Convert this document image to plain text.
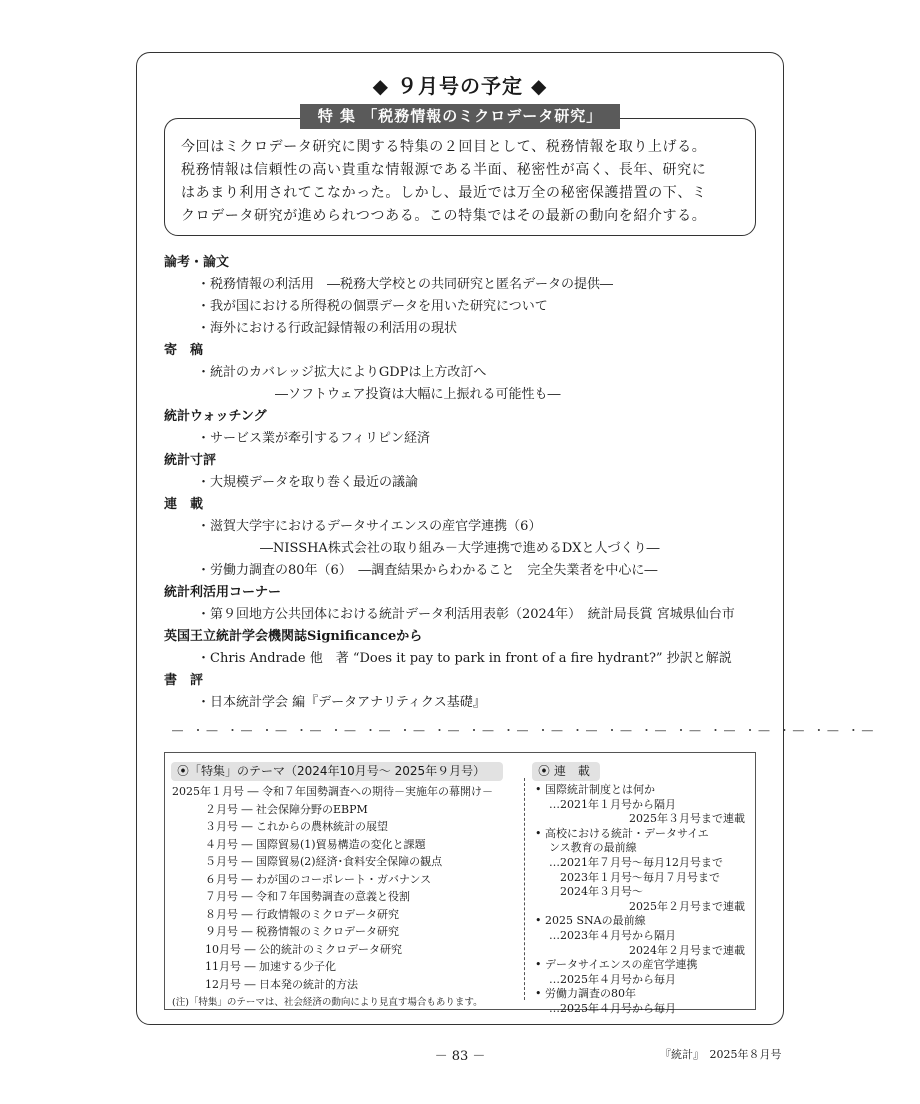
◆ ９月号の予定 ◆
特 集 「税務情報のミクロデータ研究」
今回はミクロデータ研究に関する特集の２回目として、税務情報を取り上げる。
税務情報は信頼性の高い貴重な情報源である半面、秘密性が高く、長年、研究に
はあまり利用されてこなかった。しかし、最近では万全の秘密保護措置の下、ミ
クロデータ研究が進められつつある。この特集ではその最新の動向を紹介する。
論考・論文
・税務情報の利活用　―税務大学校との共同研究と匿名データの提供―
・我が国における所得税の個票データを用いた研究について
・海外における行政記録情報の利活用の現状
寄　稿
・統計のカバレッジ拡大によりGDPは上方改訂へ
―ソフトウェア投資は大幅に上振れる可能性も―
統計ウォッチング
・サービス業が牽引するフィリピン経済
統計寸評
・大規模データを取り巻く最近の議論
連　載
・滋賀大学宇におけるデータサイエンスの産官学連携（6）
―NISSHA株式会社の取り組み－大学連携で進めるDXと人づくり―
・労働力調査の80年（6）　―調査結果からわかること　完全失業者を中心に―
統計利活用コーナー
・第９回地方公共団体における統計データ利活用表彰（2024年）　統計局長賞 宮城県仙台市
英国王立統計学会機関誌Significanceから
・Chris Andrade 他　著 “Does it pay to park in front of a fire hydrant?” 抄訳と解説
書　評
・日本統計学会 編『データアナリティクス基礎』
― ・― ・― ・― ・― ・― ・― ・― ・― ・― ・― ・― ・― ・― ・― ・― ・― ・― ・― ・― ・―
⦿「特集」のテーマ（2024年10月号～ 2025年９月号）	⦿ 連　載
2025年１月号 ― 令和７年国勢調査への期待－実施年の幕開け－
　　　２月号 ― 社会保障分野のEBPM
　　　３月号 ― これからの農林統計の展望
　　　４月号 ― 国際貿易(1)貿易構造の変化と課題
　　　５月号 ― 国際貿易(2)経済･食料安全保障の観点
　　　６月号 ― わが国のコーポレート・ガバナンス
　　　７月号 ― 令和７年国勢調査の意義と役割
　　　８月号 ― 行政情報のミクロデータ研究
　　　９月号 ― 税務情報のミクロデータ研究
　　　10月号 ― 公的統計のミクロデータ研究
　　　11月号 ― 加速する少子化
　　　12月号 ― 日本発の統計的方法
(注)「特集」のテーマは、社会経済の動向により見直す場合もあります。
• 国際統計制度とは何か
…2021年１月号から隔月
2025年３月号まで連載
• 高校における統計・データサイエ
ンス教育の最前線
…2021年７月号～毎月12月号まで
　2023年１月号～毎月７月号まで
　2024年３月号～
2025年２月号まで連載
• 2025 SNAの最前線
…2023年４月号から隔月
2024年２月号まで連載
• データサイエンスの産官学連携
…2025年４月号から毎月
• 労働力調査の80年
…2025年４月号から毎月
－ 83 －	『統計』　2025年８月号
